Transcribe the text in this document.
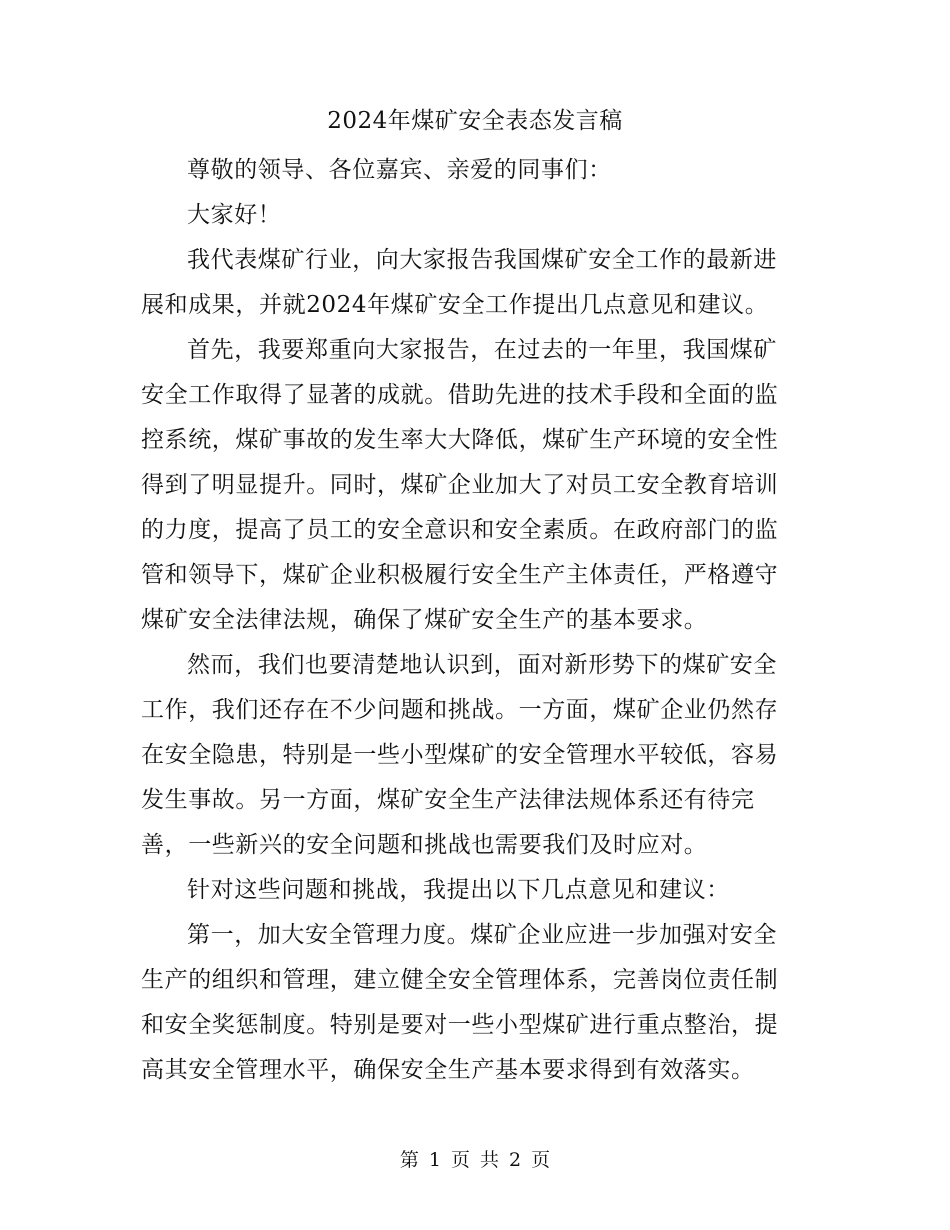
2024年煤矿安全表态发言稿

尊敬的领导、各位嘉宾、亲爱的同事们：

大家好！

我代表煤矿行业，向大家报告我国煤矿安全工作的最新进展和成果，并就2024年煤矿安全工作提出几点意见和建议。

首先，我要郑重向大家报告，在过去的一年里，我国煤矿安全工作取得了显著的成就。借助先进的技术手段和全面的监控系统，煤矿事故的发生率大大降低，煤矿生产环境的安全性得到了明显提升。同时，煤矿企业加大了对员工安全教育培训的力度，提高了员工的安全意识和安全素质。在政府部门的监管和领导下，煤矿企业积极履行安全生产主体责任，严格遵守煤矿安全法律法规，确保了煤矿安全生产的基本要求。

然而，我们也要清楚地认识到，面对新形势下的煤矿安全工作，我们还存在不少问题和挑战。一方面，煤矿企业仍然存在安全隐患，特别是一些小型煤矿的安全管理水平较低，容易发生事故。另一方面，煤矿安全生产法律法规体系还有待完善，一些新兴的安全问题和挑战也需要我们及时应对。

针对这些问题和挑战，我提出以下几点意见和建议：

第一，加大安全管理力度。煤矿企业应进一步加强对安全生产的组织和管理，建立健全安全管理体系，完善岗位责任制和安全奖惩制度。特别是要对一些小型煤矿进行重点整治，提高其安全管理水平，确保安全生产基本要求得到有效落实。

第 1 页 共 2 页
